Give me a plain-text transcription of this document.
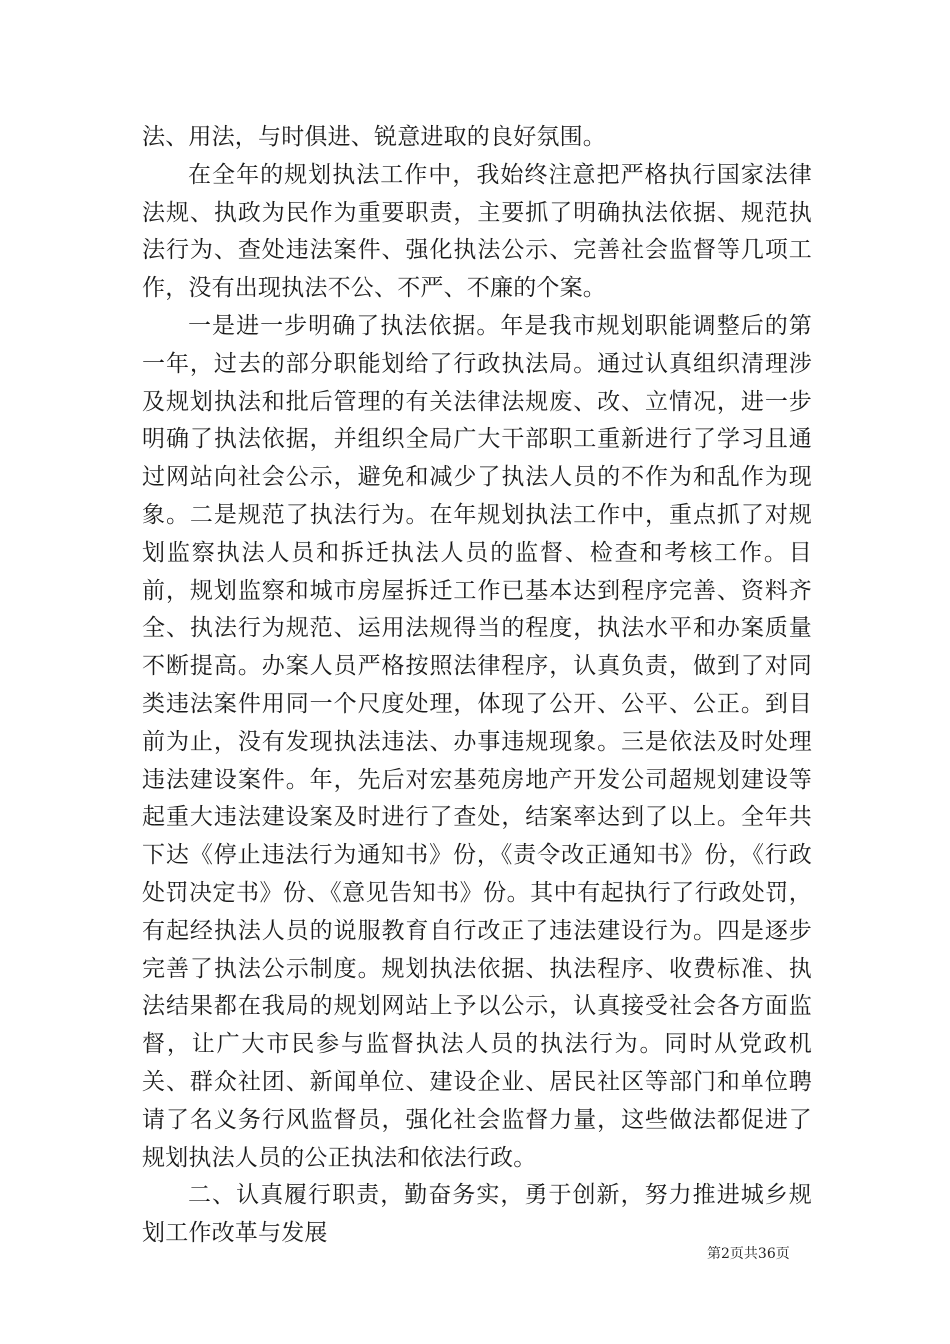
法、用法，与时俱进、锐意进取的良好氛围。

在全年的规划执法工作中，我始终注意把严格执行国家法律法规、执政为民作为重要职责，主要抓了明确执法依据、规范执法行为、查处违法案件、强化执法公示、完善社会监督等几项工作，没有出现执法不公、不严、不廉的个案。

一是进一步明确了执法依据。年是我市规划职能调整后的第一年，过去的部分职能划给了行政执法局。通过认真组织清理涉及规划执法和批后管理的有关法律法规废、改、立情况，进一步明确了执法依据，并组织全局广大干部职工重新进行了学习且通过网站向社会公示，避免和减少了执法人员的不作为和乱作为现象。二是规范了执法行为。在年规划执法工作中，重点抓了对规划监察执法人员和拆迁执法人员的监督、检查和考核工作。目前，规划监察和城市房屋拆迁工作已基本达到程序完善、资料齐全、执法行为规范、运用法规得当的程度，执法水平和办案质量不断提高。办案人员严格按照法律程序，认真负责，做到了对同类违法案件用同一个尺度处理，体现了公开、公平、公正。到目前为止，没有发现执法违法、办事违规现象。三是依法及时处理违法建设案件。年，先后对宏基苑房地产开发公司超规划建设等起重大违法建设案及时进行了查处，结案率达到了以上。全年共下达《停止违法行为通知书》份，《责令改正通知书》份，《行政处罚决定书》份、《意见告知书》份。其中有起执行了行政处罚，有起经执法人员的说服教育自行改正了违法建设行为。四是逐步完善了执法公示制度。规划执法依据、执法程序、收费标准、执法结果都在我局的规划网站上予以公示，认真接受社会各方面监督，让广大市民参与监督执法人员的执法行为。同时从党政机关、群众社团、新闻单位、建设企业、居民社区等部门和单位聘请了名义务行风监督员，强化社会监督力量，这些做法都促进了规划执法人员的公正执法和依法行政。

二、认真履行职责，勤奋务实，勇于创新，努力推进城乡规划工作改革与发展

第2页共36页
